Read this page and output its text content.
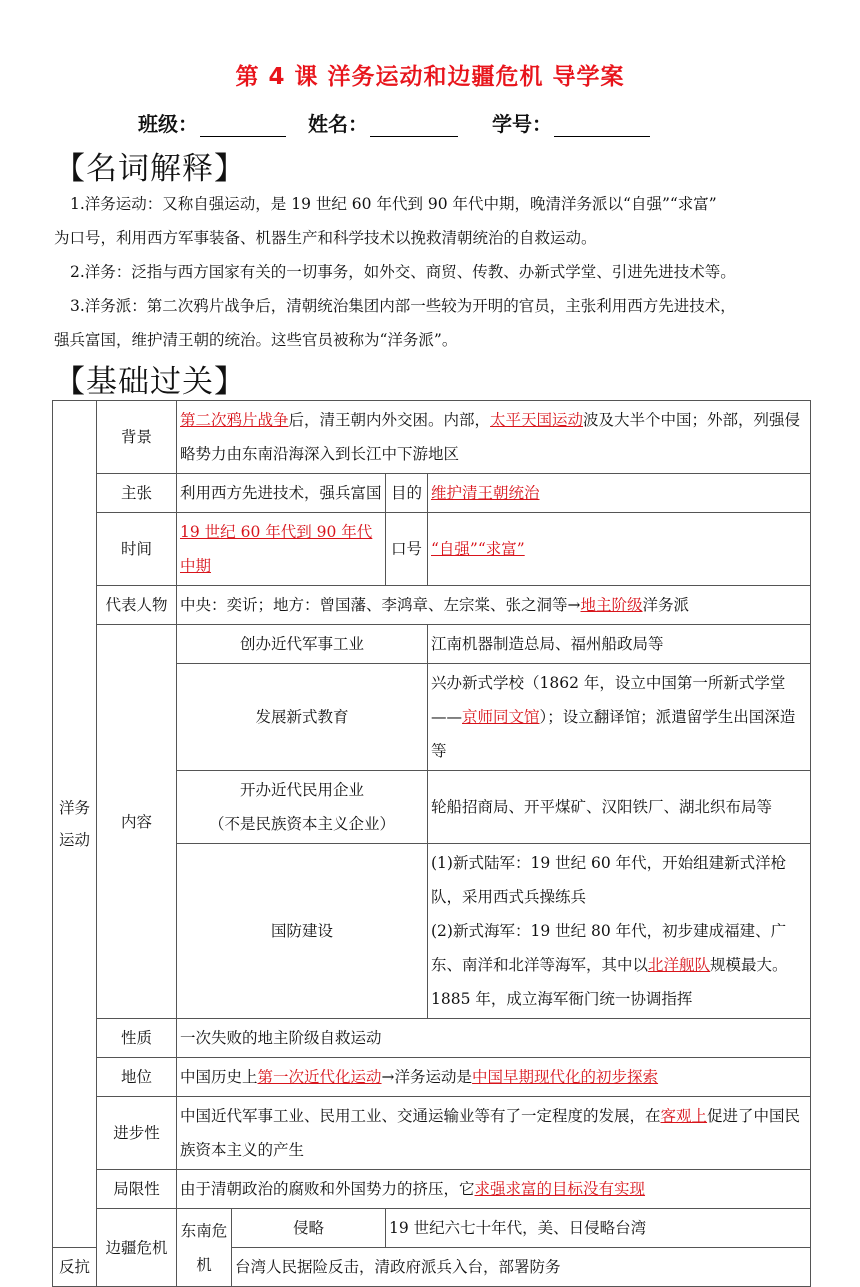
第 4 课 洋务运动和边疆危机 导学案
班级：	姓名：	学号：
【名词解释】
1.洋务运动：又称自强运动，是 19 世纪 60 年代到 90 年代中期，晚清洋务派以“自强”“求富”
为口号，利用西方军事装备、机器生产和科学技术以挽救清朝统治的自救运动。
2.洋务：泛指与西方国家有关的一切事务，如外交、商贸、传教、办新式学堂、引进先进技术等。
3.洋务派：第二次鸦片战争后，清朝统治集团内部一些较为开明的官员，主张利用西方先进技术，
强兵富国，维护清王朝的统治。这些官员被称为“洋务派”。
【基础过关】
洋务运动	背景	第二次鸦片战争后，清王朝内外交困。内部，太平天国运动波及大半个中国；外部，列强侵略势力由东南沿海深入到长江中下游地区			
	主张	利用西方先进技术，强兵富国		目的	维护清王朝统治
	时间	19 世纪 60 年代到 90 年代中期		口号	“自强”“求富”
	代表人物	中央：奕䜣；地方：曾国藩、李鸿章、左宗棠、张之洞等→地主阶级洋务派			
	内容	创办近代军事工业			江南机器制造总局、福州船政局等
		发展新式教育			兴办新式学校（1862 年，设立中国第一所新式学堂——京师同文馆）；设立翻译馆；派遣留学生出国深造等

		开办近代民用企业
（不是民族资本主义企业）			轮船招商局、开平煤矿、汉阳铁厂、湖北织布局等
		国防建设			(1)新式陆军：19 世纪 60 年代，开始组建新式洋枪队，采用西式兵操练兵
(2)新式海军：19 世纪 80 年代，初步建成福建、广东、南洋和北洋等海军，其中以北洋舰队规模最大。1885 年，成立海军衙门统一协调指挥

	性质	一次失败的地主阶级自救运动			
	地位	中国历史上第一次近代化运动→洋务运动是中国早期现代化的初步探索			
	进步性	中国近代军事工业、民用工业、交通运输业等有了一定程度的发展，在客观上促进了中国民族资本主义的产生			
	局限性	由于清朝政治的腐败和外国势力的挤压，它求强求富的目标没有实现			
	边疆危机	东南危机	侵略	19 世纪六七十年代，美、日侵略台湾	
反抗			台湾人民据险反击，清政府派兵入台，部署防务		
